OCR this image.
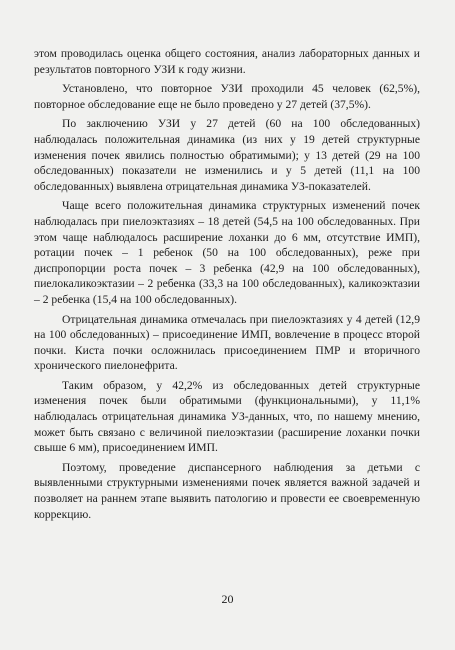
этом проводилась оценка общего состояния, анализ лабораторных данных и результатов повторного УЗИ к году жизни.

Установлено, что повторное УЗИ проходили 45 человек (62,5%), повторное обследование еще не было проведено у 27 детей (37,5%).

По заключению УЗИ у 27 детей (60 на 100 обследованных) наблюдалась положительная динамика (из них у 19 детей структурные изменения почек явились полностью обратимыми); у 13 детей (29 на 100 обследованных) показатели не изменились и у 5 детей (11,1 на 100 обследованных) выявлена отрицательная динамика УЗ-показателей.

Чаще всего положительная динамика структурных изменений почек наблюдалась при пиелоэктазиях – 18 детей (54,5 на 100 обследованных. При этом чаще наблюдалось расширение лоханки до 6 мм, отсутствие ИМП), ротации почек – 1 ребенок (50 на 100 обследованных), реже при диспропорции роста почек – 3 ребенка (42,9 на 100 обследованных), пиелокаликоэктазии – 2 ребенка (33,3 на 100 обследованных), каликоэктазии – 2 ребенка (15,4 на 100 обследованных).

Отрицательная динамика отмечалась при пиелоэктазиях у 4 детей (12,9 на 100 обследованных) – присоединение ИМП, вовлечение в процесс второй почки. Киста почки осложнилась присоединением ПМР и вторичного хронического пиелонефрита.

Таким образом, у 42,2% из обследованных детей структурные изменения почек были обратимыми (функциональными), у 11,1% наблюдалась отрицательная динамика УЗ-данных, что, по нашему мнению, может быть связано с величиной пиелоэктазии (расширение лоханки почки свыше 6 мм), присоединением ИМП.

Поэтому, проведение диспансерного наблюдения за детьми с выявленными структурными изменениями почек является важной задачей и позволяет на раннем этапе выявить патологию и провести ее своевременную коррекцию.

20
